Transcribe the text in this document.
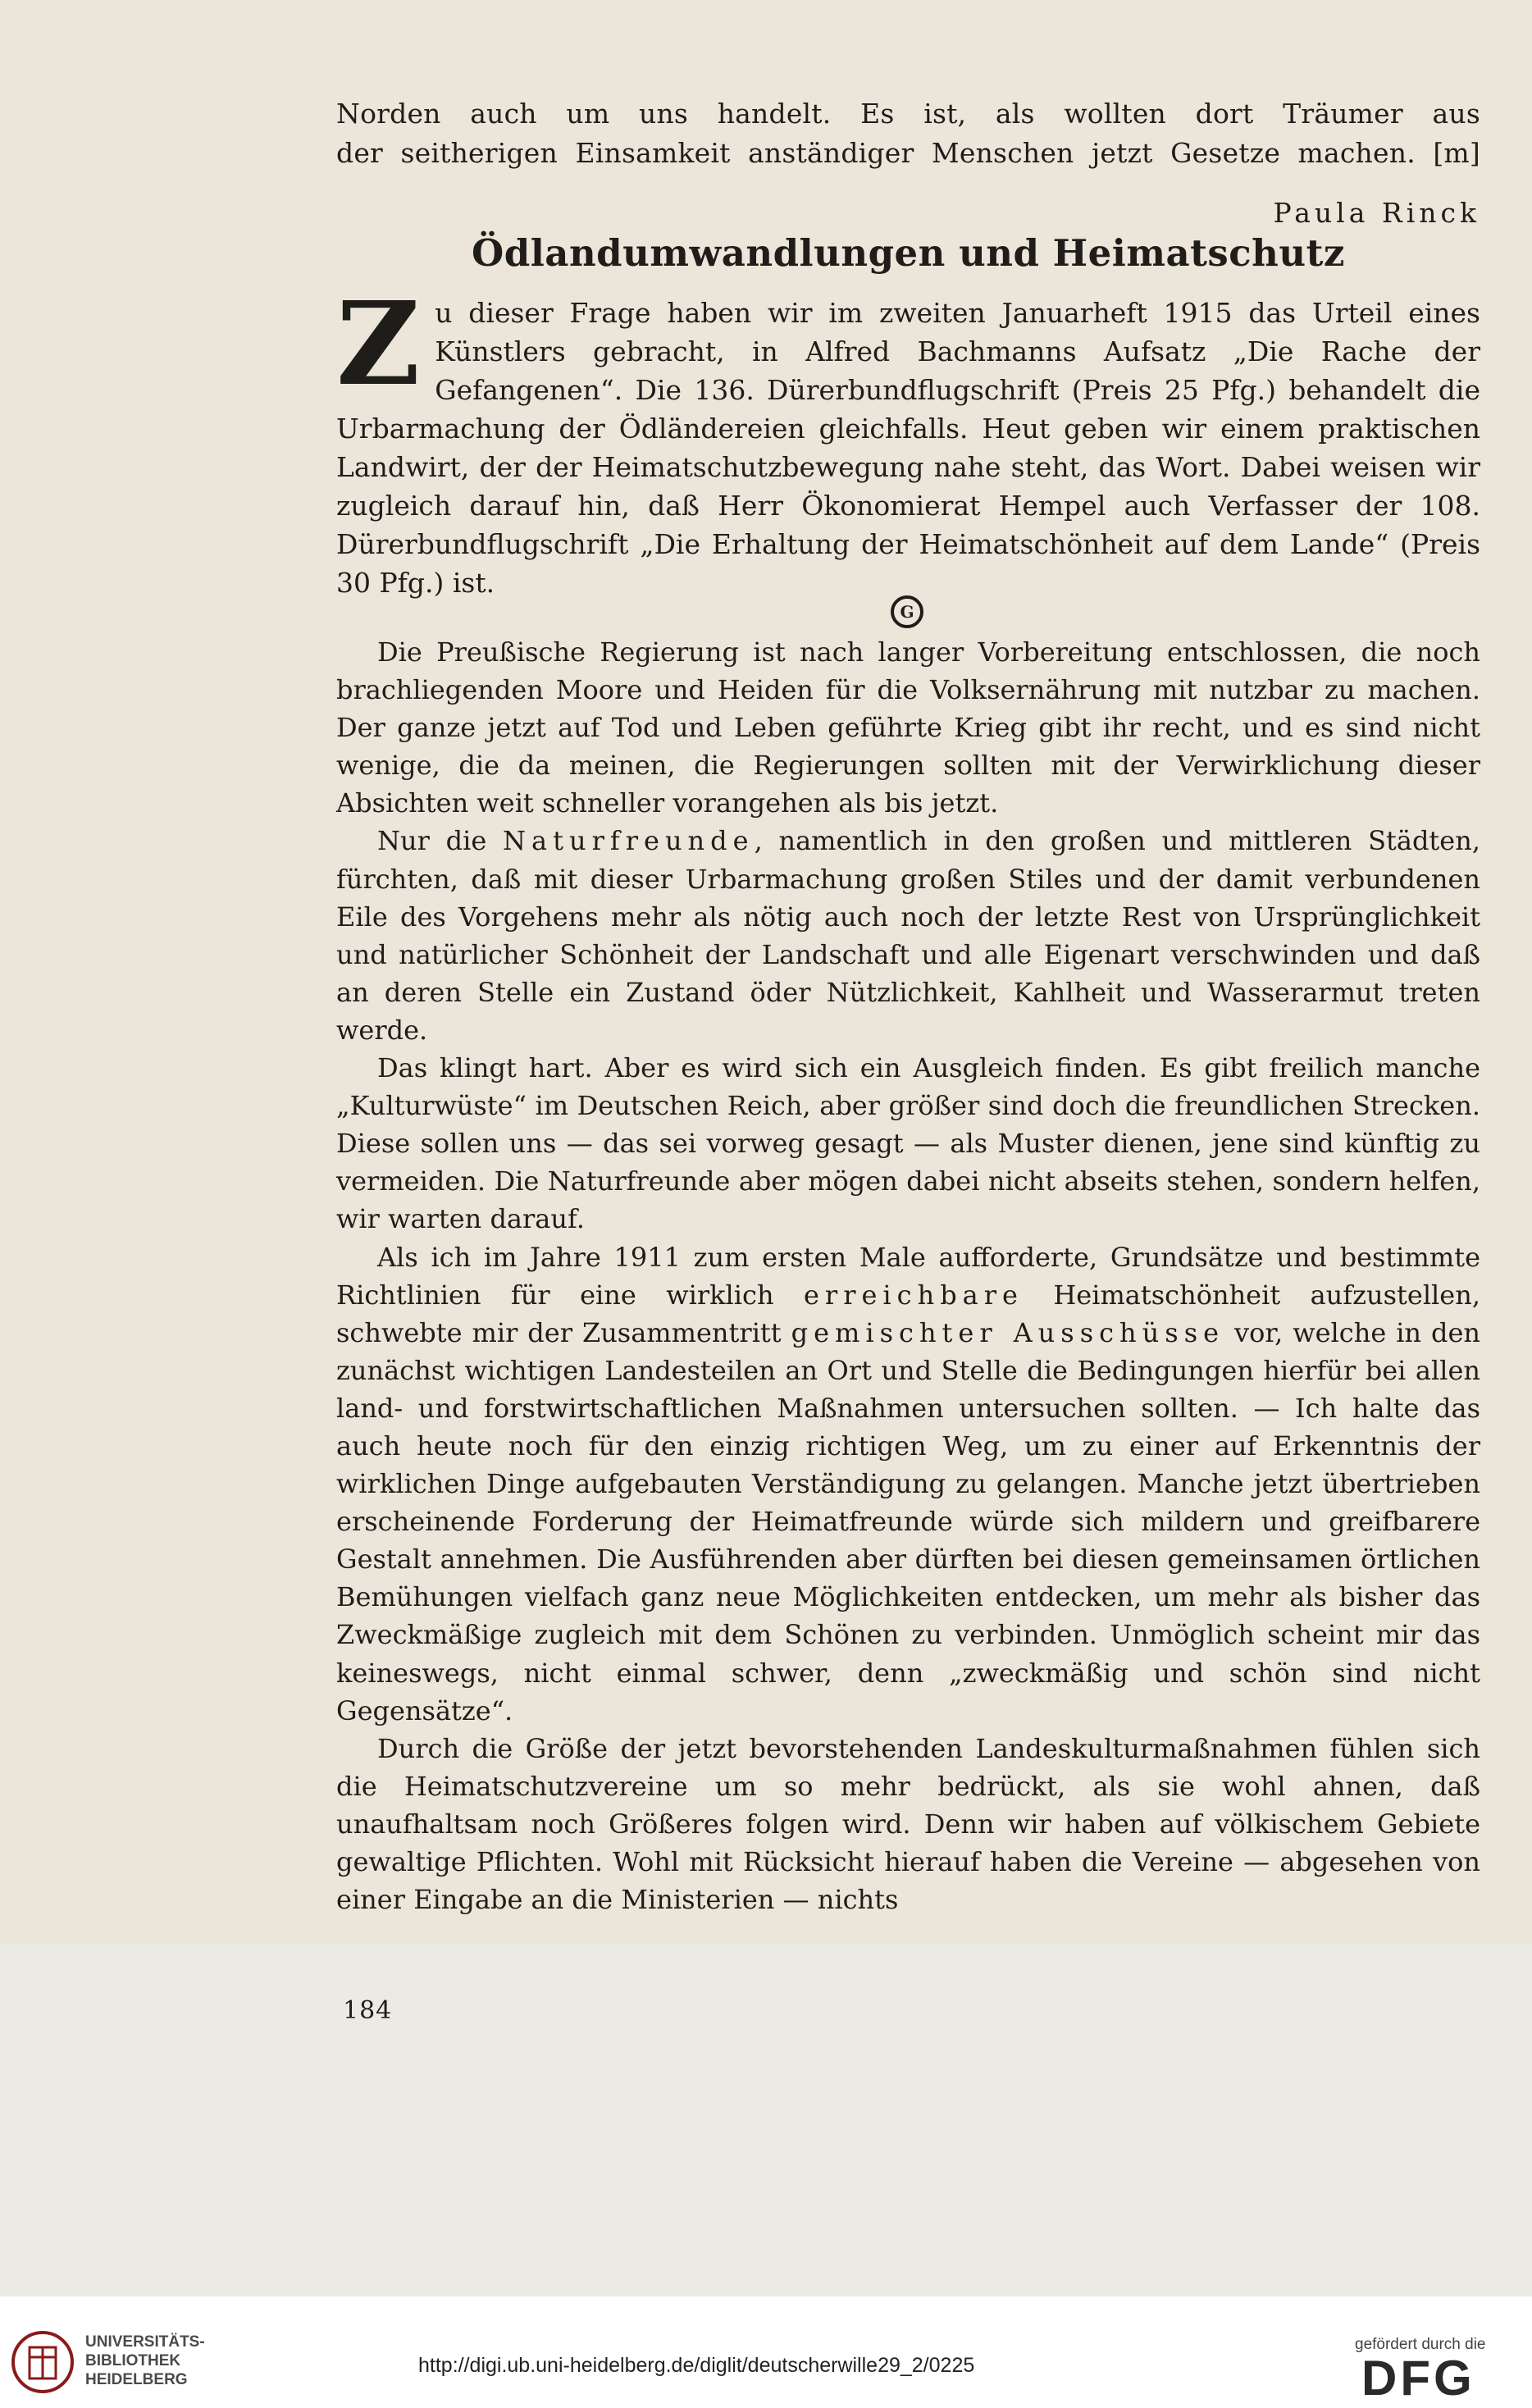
Norden auch um uns handelt. Es ist, als wollten dort Träumer aus
der seitherigen Einsamkeit anständiger Menschen jetzt Gesetze machen. [m]
Paula Rinck
Ödlandumwandlungen und Heimatschutz
Z u dieser Frage haben wir im zweiten Januarheft 1915 das Urteil eines Künstlers gebracht, in Alfred Bachmanns Aufsatz „Die Rache der Gefangenen“. Die 136. Dürerbundflugschrift (Preis 25 Pfg.) behandelt die Urbarmachung der Ödländereien gleichfalls. Heut geben wir einem praktischen Landwirt, der der Heimatschutzbewegung nahe steht, das Wort. Dabei weisen wir zugleich darauf hin, daß Herr Ökonomierat Hempel auch Verfasser der 108. Dürerbundflugschrift „Die Erhaltung der Heimatschönheit auf dem Lande“ (Preis 30 Pfg.) ist.
G

Die Preußische Regierung ist nach langer Vorbereitung entschlossen, die noch brachliegenden Moore und Heiden für die Volksernährung mit nutzbar zu machen. Der ganze jetzt auf Tod und Leben geführte Krieg gibt ihr recht, und es sind nicht wenige, die da meinen, die Regierungen sollten mit der Verwirklichung dieser Absichten weit schneller vorangehen als bis jetzt.

Nur die Naturfreunde, namentlich in den großen und mittleren Städten, fürchten, daß mit dieser Urbarmachung großen Stiles und der damit verbundenen Eile des Vorgehens mehr als nötig auch noch der letzte Rest von Ursprünglichkeit und natürlicher Schönheit der Landschaft und alle Eigenart verschwinden und daß an deren Stelle ein Zustand öder Nützlichkeit, Kahlheit und Wasserarmut treten werde.

Das klingt hart. Aber es wird sich ein Ausgleich finden. Es gibt freilich manche „Kulturwüste“ im Deutschen Reich, aber größer sind doch die freundlichen Strecken. Diese sollen uns — das sei vorweg gesagt — als Muster dienen, jene sind künftig zu vermeiden. Die Naturfreunde aber mögen dabei nicht abseits stehen, sondern helfen, wir warten darauf.

Als ich im Jahre 1911 zum ersten Male aufforderte, Grundsätze und bestimmte Richtlinien für eine wirklich erreichbare Heimatschönheit aufzustellen, schwebte mir der Zusammentritt gemischter Ausschüsse vor, welche in den zunächst wichtigen Landesteilen an Ort und Stelle die Bedingungen hierfür bei allen land- und forstwirtschaftlichen Maßnahmen untersuchen sollten. — Ich halte das auch heute noch für den einzig richtigen Weg, um zu einer auf Erkenntnis der wirklichen Dinge aufgebauten Verständigung zu gelangen. Manche jetzt übertrieben erscheinende Forderung der Heimatfreunde würde sich mildern und greifbarere Gestalt annehmen. Die Ausführenden aber dürften bei diesen gemeinsamen örtlichen Bemühungen vielfach ganz neue Möglichkeiten entdecken, um mehr als bisher das Zweckmäßige zugleich mit dem Schönen zu verbinden. Unmöglich scheint mir das keineswegs, nicht einmal schwer, denn „zweckmäßig und schön sind nicht Gegensätze“.

Durch die Größe der jetzt bevorstehenden Landeskulturmaßnahmen fühlen sich die Heimatschutzvereine um so mehr bedrückt, als sie wohl ahnen, daß unaufhaltsam noch Größeres folgen wird. Denn wir haben auf völkischem Gebiete gewaltige Pflichten. Wohl mit Rücksicht hierauf haben die Vereine — abgesehen von einer Eingabe an die Ministerien — nichts

184
UNIVERSITÄTS-
BIBLIOTHEK
HEIDELBERG
http://digi.ub.uni-heidelberg.de/diglit/deutscherwille29_2/0225
gefördert durch die
DFG
